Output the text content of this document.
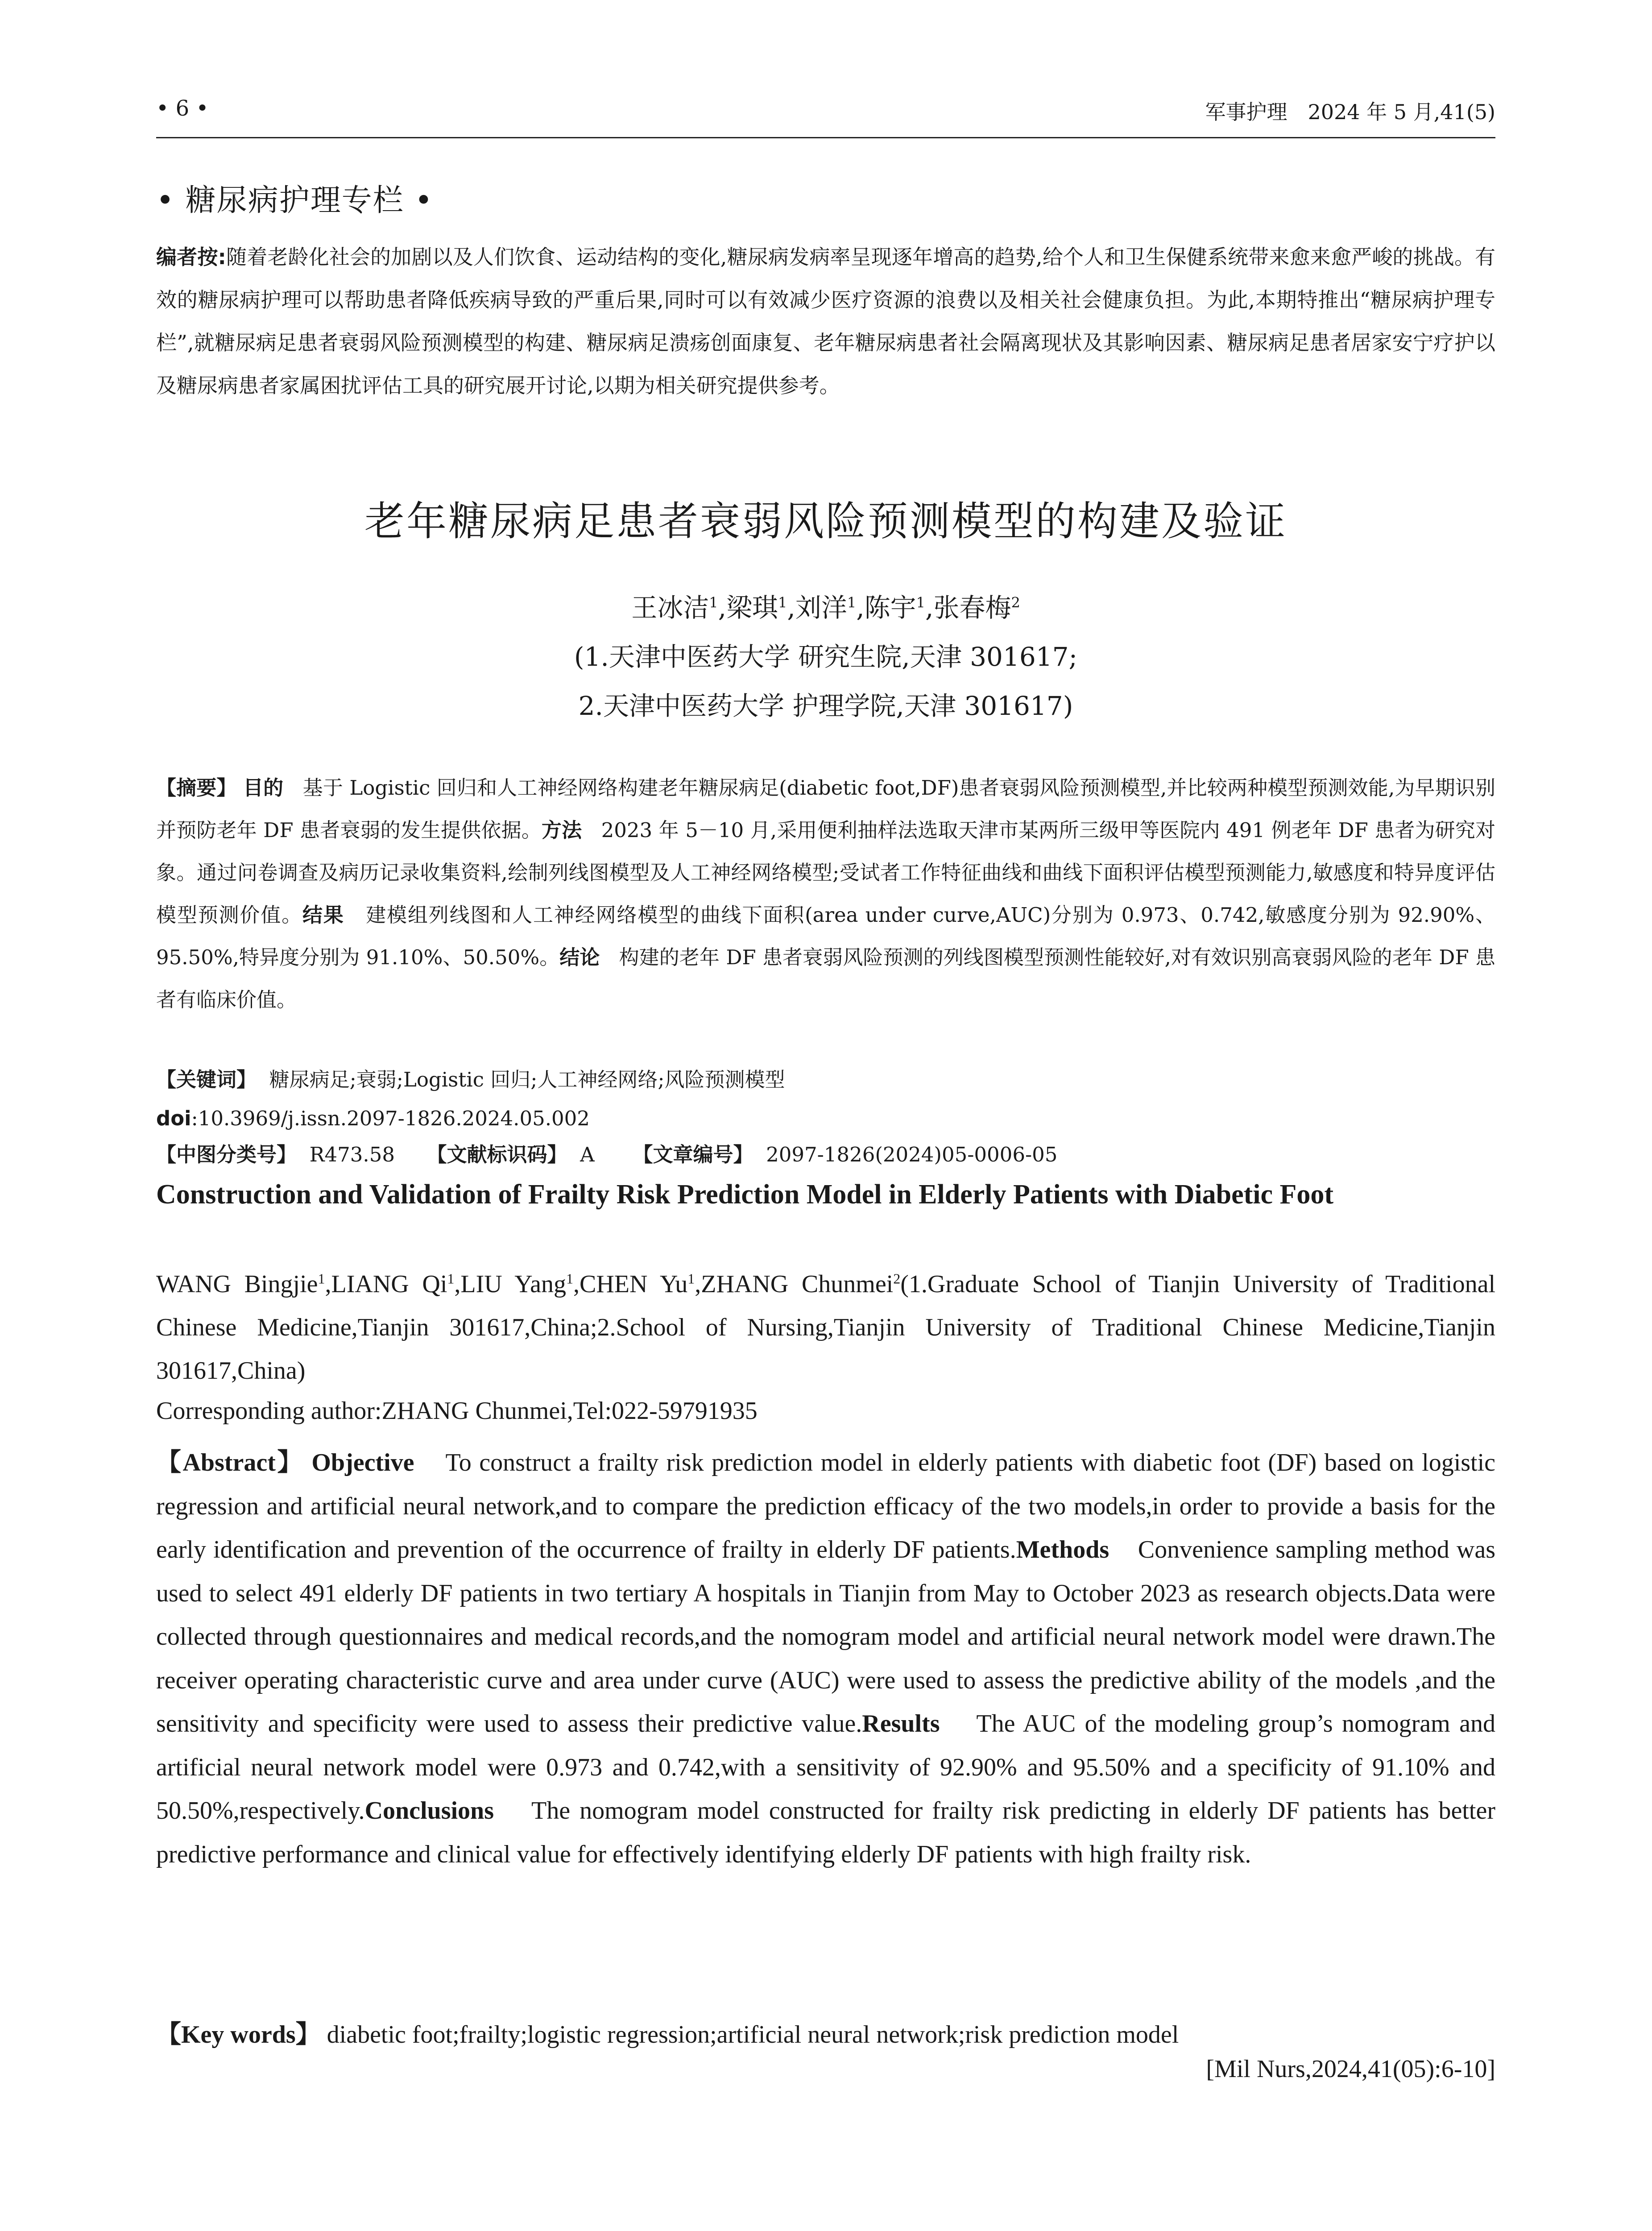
• 6 •	军事护理　2024 年 5 月,41(5)
• 糖尿病护理专栏 •
编者按:随着老龄化社会的加剧以及人们饮食、运动结构的变化,糖尿病发病率呈现逐年增高的趋势,给个人和卫生保健系统带来愈来愈严峻的挑战。有效的糖尿病护理可以帮助患者降低疾病导致的严重后果,同时可以有效减少医疗资源的浪费以及相关社会健康负担。为此,本期特推出“糖尿病护理专栏”,就糖尿病足患者衰弱风险预测模型的构建、糖尿病足溃疡创面康复、老年糖尿病患者社会隔离现状及其影响因素、糖尿病足患者居家安宁疗护以及糖尿病患者家属困扰评估工具的研究展开讨论,以期为相关研究提供参考。
老年糖尿病足患者衰弱风险预测模型的构建及验证
王冰洁$^1$,梁琪$^1$,刘洋$^1$,陈宇$^1$,张春梅$^2$
(1.天津中医药大学 研究生院,天津 301617;
2.天津中医药大学 护理学院,天津 301617)
【摘要】 目的 基于 Logistic 回归和人工神经网络构建老年糖尿病足(diabetic foot,DF)患者衰弱风险预测模型,并比较两种模型预测效能,为早期识别并预防老年 DF 患者衰弱的发生提供依据。方法 2023 年 5－10 月,采用便利抽样法选取天津市某两所三级甲等医院内 491 例老年 DF 患者为研究对象。通过问卷调查及病历记录收集资料,绘制列线图模型及人工神经网络模型;受试者工作特征曲线和曲线下面积评估模型预测能力,敏感度和特异度评估模型预测价值。结果 建模组列线图和人工神经网络模型的曲线下面积(area under curve,AUC)分别为 0.973、0.742,敏感度分别为 92.90%、95.50%,特异度分别为 91.10%、50.50%。结论 构建的老年 DF 患者衰弱风险预测的列线图模型预测性能较好,对有效识别高衰弱风险的老年 DF 患者有临床价值。
【关键词】 糖尿病足;衰弱;Logistic 回归;人工神经网络;风险预测模型
doi:10.3969/j.issn.2097-1826.2024.05.002
【中图分类号】 R473.58 【文献标识码】 A 【文章编号】 2097-1826(2024)05-0006-05
Construction and Validation of Frailty Risk Prediction Model in Elderly Patients with Diabetic Foot
WANG Bingjie$^1$,LIANG Qi$^1$,LIU Yang$^1$,CHEN Yu$^1$,ZHANG Chunmei$^2$(1.Graduate School of Tianjin University of Traditional Chinese Medicine,Tianjin 301617,China;2.School of Nursing,Tianjin University of Traditional Chinese Medicine,Tianjin 301617,China)
Corresponding author:ZHANG Chunmei,Tel:022-59791935
【Abstract】 Objective To construct a frailty risk prediction model in elderly patients with diabetic foot (DF) based on logistic regression and artificial neural network,and to compare the prediction efficacy of the two models,in order to provide a basis for the early identification and prevention of the occurrence of frailty in elderly DF patients.Methods Convenience sampling method was used to select 491 elderly DF patients in two tertiary A hospitals in Tianjin from May to October 2023 as research objects.Data were collected through questionnaires and medical records,and the nomogram model and artificial neural network model were drawn.The receiver operating characteristic curve and area under curve (AUC) were used to assess the predictive ability of the models ,and the sensitivity and specificity were used to assess their predictive value.Results The AUC of the modeling group’s nomogram and artificial neural network model were 0.973 and 0.742,with a sensitivity of 92.90% and 95.50% and a specificity of 91.10% and 50.50%,respectively.Conclusions The nomogram model constructed for frailty risk predicting in elderly DF patients has better predictive performance and clinical value for effectively identifying elderly DF patients with high frailty risk.
【Key words】 diabetic foot;frailty;logistic regression;artificial neural network;risk prediction model
[Mil Nurs,2024,41(05):6-10]
